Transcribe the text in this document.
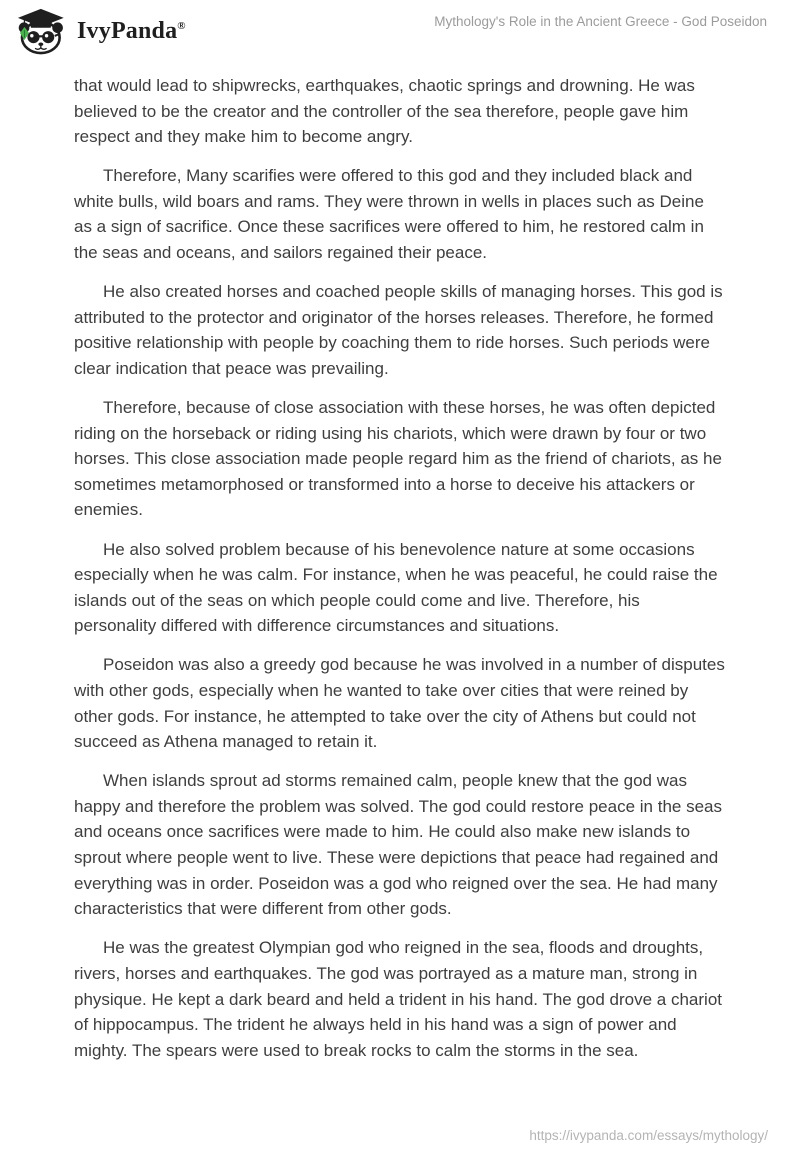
IvyPanda®	Mythology's Role in the Ancient Greece - God Poseidon

that would lead to shipwrecks, earthquakes, chaotic springs and drowning. He was believed to be the creator and the controller of the sea therefore, people gave him respect and they make him to become angry.

Therefore, Many scarifies were offered to this god and they included black and white bulls, wild boars and rams. They were thrown in wells in places such as Deine as a sign of sacrifice. Once these sacrifices were offered to him, he restored calm in the seas and oceans, and sailors regained their peace.

He also created horses and coached people skills of managing horses. This god is attributed to the protector and originator of the horses releases. Therefore, he formed positive relationship with people by coaching them to ride horses. Such periods were clear indication that peace was prevailing.

Therefore, because of close association with these horses, he was often depicted riding on the horseback or riding using his chariots, which were drawn by four or two horses. This close association made people regard him as the friend of chariots, as he sometimes metamorphosed or transformed into a horse to deceive his attackers or enemies.

He also solved problem because of his benevolence nature at some occasions especially when he was calm. For instance, when he was peaceful, he could raise the islands out of the seas on which people could come and live. Therefore, his personality differed with difference circumstances and situations.

Poseidon was also a greedy god because he was involved in a number of disputes with other gods, especially when he wanted to take over cities that were reined by other gods. For instance, he attempted to take over the city of Athens but could not succeed as Athena managed to retain it.

When islands sprout ad storms remained calm, people knew that the god was happy and therefore the problem was solved. The god could restore peace in the seas and oceans once sacrifices were made to him. He could also make new islands to sprout where people went to live. These were depictions that peace had regained and everything was in order. Poseidon was a god who reigned over the sea. He had many characteristics that were different from other gods.

He was the greatest Olympian god who reigned in the sea, floods and droughts, rivers, horses and earthquakes. The god was portrayed as a mature man, strong in physique. He kept a dark beard and held a trident in his hand. The god drove a chariot of hippocampus. The trident he always held in his hand was a sign of power and mighty. The spears were used to break rocks to calm the storms in the sea.

https://ivypanda.com/essays/mythology/
